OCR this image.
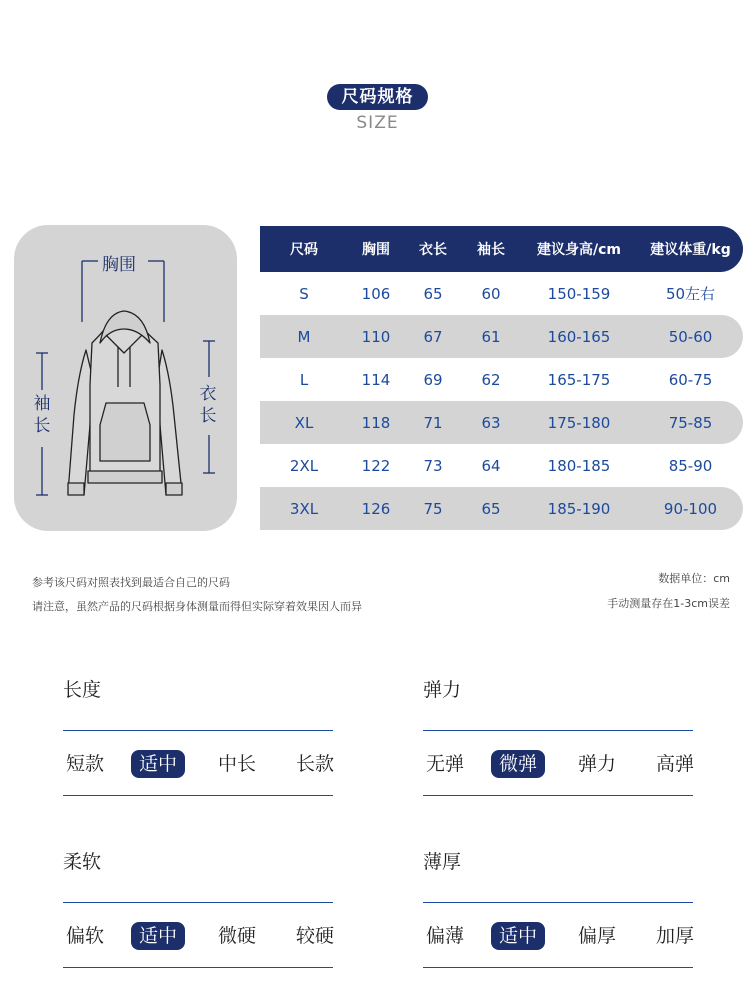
尺码规格
SIZE
胸围
袖长
衣长
尺码	胸围	衣长	袖长	建议身高/cm	建议体重/kg
S	106	65	60	150-159	50左右
M	110	67	61	160-165	50-60
L	114	69	62	165-175	60-75
XL	118	71	63	175-180	75-85
2XL	122	73	64	180-185	85-90
3XL	126	75	65	185-190	90-100
参考该尺码对照表找到最适合自己的尺码
请注意，虽然产品的尺码根据身体测量而得但实际穿着效果因人而异
数据单位：cm
手动测量存在1-3cm误差
长度
短款	适中	中长 长款
弹力
无弹	微弹	弹力 高弹
柔软
偏软	适中	微硬 较硬
薄厚
偏薄	适中	偏厚 加厚
